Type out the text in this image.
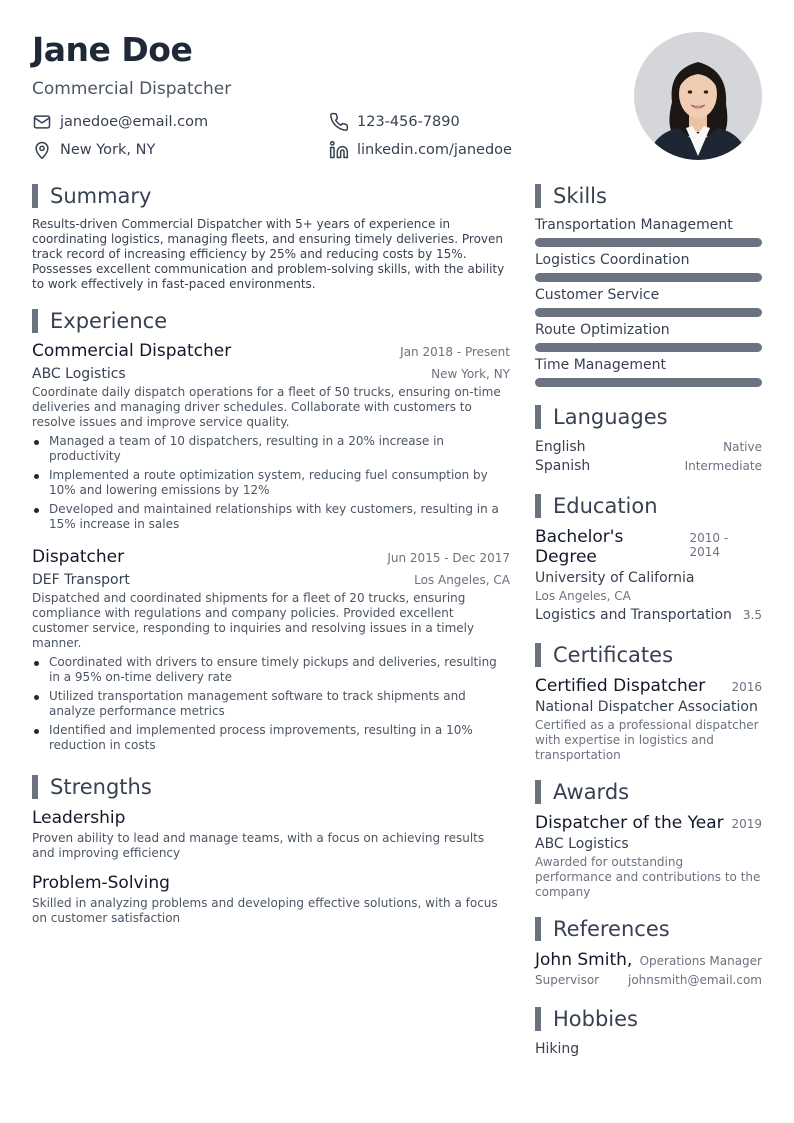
Jane Doe
Commercial Dispatcher
janedoe@email.com	123-456-7890
New York, NY	linkedin.com/janedoe
Summary

Results-driven Commercial Dispatcher with 5+ years of experience in coordinating logistics, managing fleets, and ensuring timely deliveries. Proven track record of increasing efficiency by 25% and reducing costs by 15%. Possesses excellent communication and problem-solving skills, with the ability to work effectively in fast-paced environments.

Experience
Commercial Dispatcher	Jan 2018 - Present
ABC Logistics	New York, NY

Coordinate daily dispatch operations for a fleet of 50 trucks, ensuring on-time deliveries and managing driver schedules. Collaborate with customers to resolve issues and improve service quality.

Managed a team of 10 dispatchers, resulting in a 20% increase in productivity
Implemented a route optimization system, reducing fuel consumption by 10% and lowering emissions by 12%
Developed and maintained relationships with key customers, resulting in a 15% increase in sales
Dispatcher	Jun 2015 - Dec 2017
DEF Transport	Los Angeles, CA

Dispatched and coordinated shipments for a fleet of 20 trucks, ensuring compliance with regulations and company policies. Provided excellent customer service, responding to inquiries and resolving issues in a timely manner.

Coordinated with drivers to ensure timely pickups and deliveries, resulting in a 95% on-time delivery rate
Utilized transportation management software to track shipments and analyze performance metrics
Identified and implemented process improvements, resulting in a 10% reduction in costs
Strengths
Leadership

Proven ability to lead and manage teams, with a focus on achieving results and improving efficiency

Problem-Solving

Skilled in analyzing problems and developing effective solutions, with a focus on customer satisfaction

Skills
Transportation Management
Logistics Coordination
Customer Service
Route Optimization
Time Management
Languages
English	Native
Spanish	Intermediate
Education
Bachelor's Degree
2010 - 2014
University of California
Los Angeles, CA
Logistics and Transportation 3.5
Certificates
Certified Dispatcher 2016
National Dispatcher Association

Certified as a professional dispatcher with expertise in logistics and transportation

Awards
Dispatcher of the Year 2019
ABC Logistics

Awarded for outstanding performance and contributions to the company

References
John Smith, Operations Manager
Supervisor johnsmith@email.com
Hobbies
Hiking
